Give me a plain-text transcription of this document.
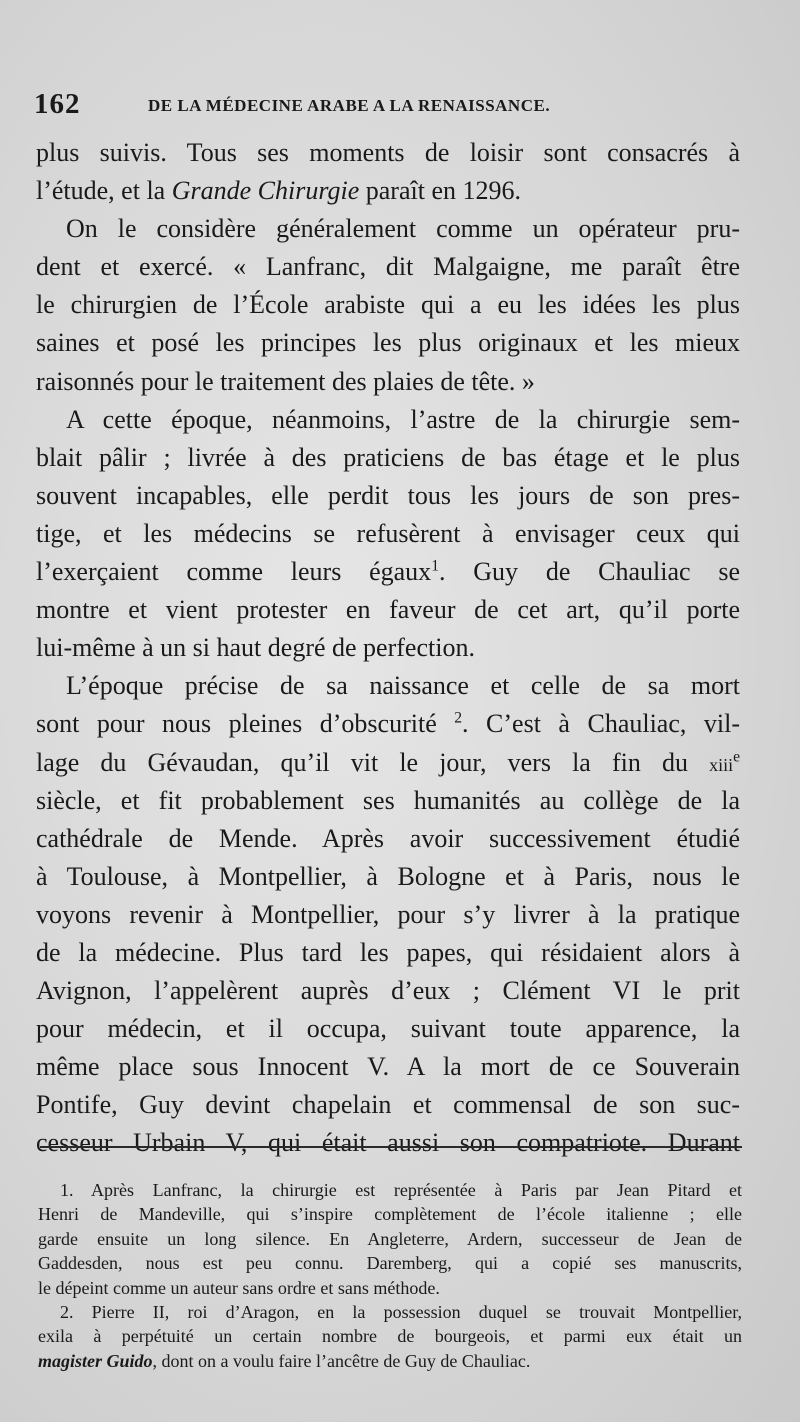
162	DE LA MÉDECINE ARABE A LA RENAISSANCE.
plus suivis. Tous ses moments de loisir sont consacrés à
l’étude, et la Grande Chirurgie paraît en 1296.
On le considère généralement comme un opérateur pru-
dent et exercé. « Lanfranc, dit Malgaigne, me paraît être
le chirurgien de l’École arabiste qui a eu les idées les plus
saines et posé les principes les plus originaux et les mieux
raisonnés pour le traitement des plaies de tête. »
A cette époque, néanmoins, l’astre de la chirurgie sem-
blait pâlir ; livrée à des praticiens de bas étage et le plus
souvent incapables, elle perdit tous les jours de son pres-
tige, et les médecins se refusèrent à envisager ceux qui
l’exerçaient comme leurs égaux$^1$. Guy de Chauliac se
montre et vient protester en faveur de cet art, qu’il porte
lui-même à un si haut degré de perfection.
L’époque précise de sa naissance et celle de sa mort
sont pour nous pleines d’obscurité $^2$. C’est à Chauliac, vil-
lage du Gévaudan, qu’il vit le jour, vers la fin du xiii$^e$
siècle, et fit probablement ses humanités au collège de la
cathédrale de Mende. Après avoir successivement étudié
à Toulouse, à Montpellier, à Bologne et à Paris, nous le
voyons revenir à Montpellier, pour s’y livrer à la pratique
de la médecine. Plus tard les papes, qui résidaient alors à
Avignon, l’appelèrent auprès d’eux ; Clément VI le prit
pour médecin, et il occupa, suivant toute apparence, la
même place sous Innocent V. A la mort de ce Souverain
Pontife, Guy devint chapelain et commensal de son suc-
cesseur Urbain V, qui était aussi son compatriote. Durant
1. Après Lanfranc, la chirurgie est représentée à Paris par Jean Pitard et
Henri de Mandeville, qui s’inspire complètement de l’école italienne ; elle
garde ensuite un long silence. En Angleterre, Ardern, successeur de Jean de
Gaddesden, nous est peu connu. Daremberg, qui a copié ses manuscrits,
le dépeint comme un auteur sans ordre et sans méthode.
2. Pierre II, roi d’Aragon, en la possession duquel se trouvait Montpellier,
exila à perpétuité un certain nombre de bourgeois, et parmi eux était un
magister Guido, dont on a voulu faire l’ancêtre de Guy de Chauliac.
